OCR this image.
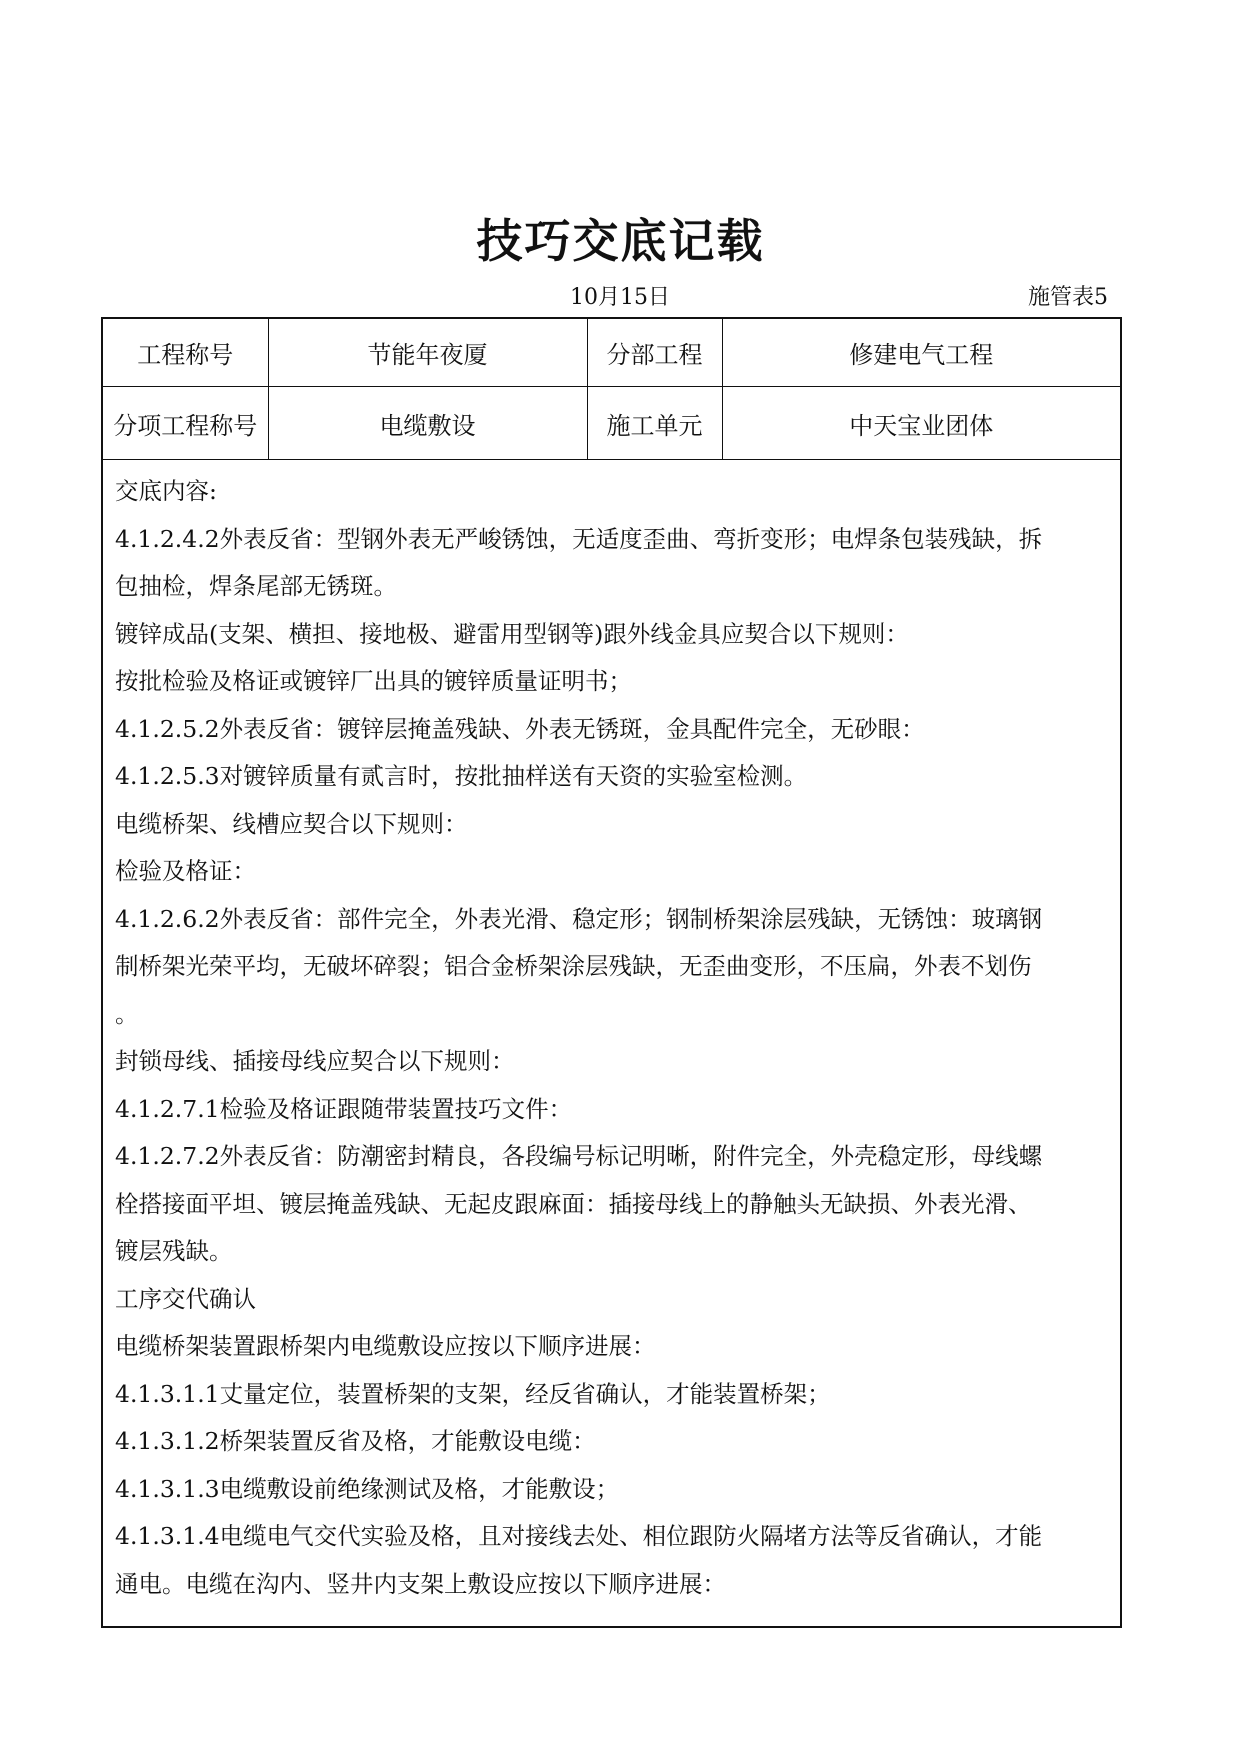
技巧交底记载
10月15日	施管表5
工程称号	节能年夜厦	分部工程	修建电气工程
分项工程称号	电缆敷设	施工单元	中天宝业团体

交底内容:

4.1.2.4.2外表反省：型钢外表无严峻锈蚀，无适度歪曲、弯折变形；电焊条包装残缺，拆

包抽检，焊条尾部无锈斑。

镀锌成品(支架、横担、接地极、避雷用型钢等)跟外线金具应契合以下规则：

按批检验及格证或镀锌厂出具的镀锌质量证明书；

4.1.2.5.2外表反省：镀锌层掩盖残缺、外表无锈斑，金具配件完全，无砂眼：

4.1.2.5.3对镀锌质量有贰言时，按批抽样送有天资的实验室检测。

电缆桥架、线槽应契合以下规则：

检验及格证：

4.1.2.6.2外表反省：部件完全，外表光滑、稳定形；钢制桥架涂层残缺，无锈蚀：玻璃钢

制桥架光荣平均，无破坏碎裂；铝合金桥架涂层残缺，无歪曲变形，不压扁，外表不划伤

。

封锁母线、插接母线应契合以下规则：

4.1.2.7.1检验及格证跟随带装置技巧文件：

4.1.2.7.2外表反省：防潮密封精良，各段编号标记明晰，附件完全，外壳稳定形，母线螺

栓搭接面平坦、镀层掩盖残缺、无起皮跟麻面：插接母线上的静触头无缺损、外表光滑、

镀层残缺。

工序交代确认

电缆桥架装置跟桥架内电缆敷设应按以下顺序进展：

4.1.3.1.1丈量定位，装置桥架的支架，经反省确认，才能装置桥架；

4.1.3.1.2桥架装置反省及格，才能敷设电缆：

4.1.3.1.3电缆敷设前绝缘测试及格，才能敷设；

4.1.3.1.4电缆电气交代实验及格，且对接线去处、相位跟防火隔堵方法等反省确认，才能

通电。电缆在沟内、竖井内支架上敷设应按以下顺序进展：
